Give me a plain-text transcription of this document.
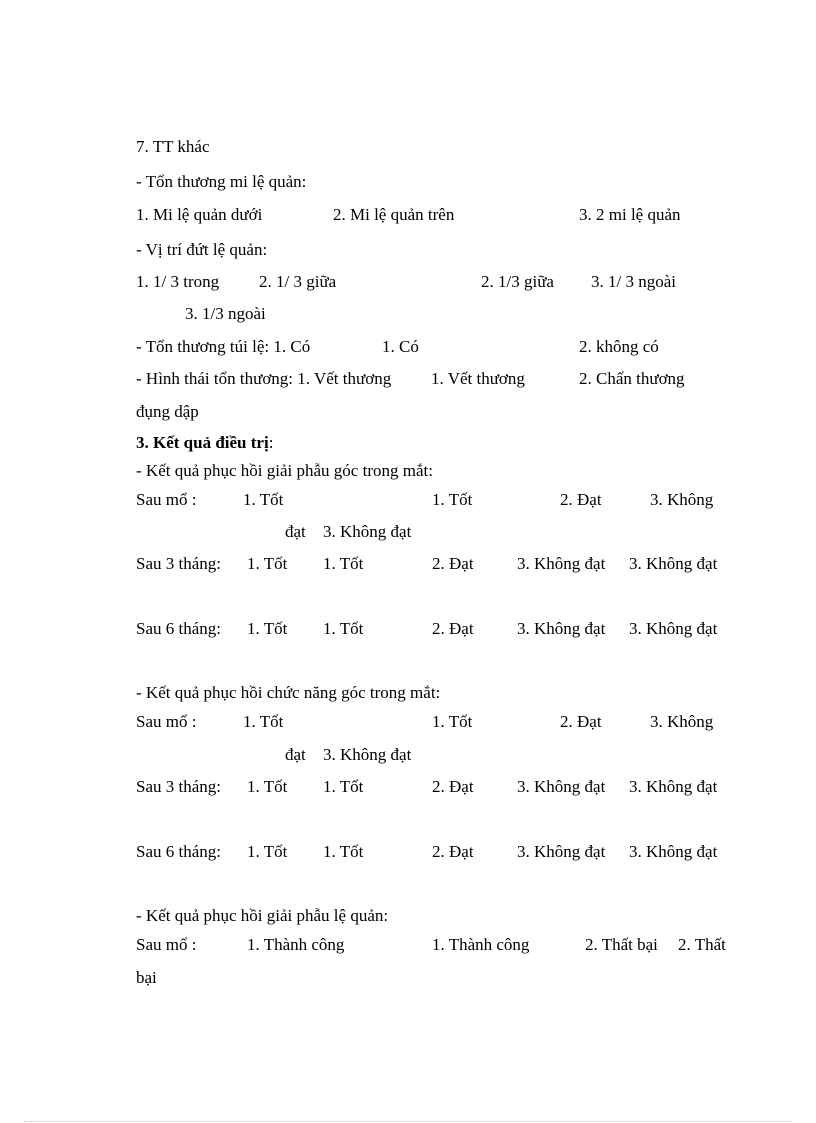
7. TT khác
- Tổn thương mi lệ quản:
1. Mi lệ quản dưới	2. Mi lệ quản trên	3. 2 mi lệ quản
- Vị trí đứt lệ quản:
1. 1/ 3 trong 2. 1/ 3 giữa	2. 1/3 giữa 3. 1/ 3 ngoài
3. 1/3 ngoài
- Tổn thương túi lệ: 1. Có	1. Có	2. không có
- Hình thái tổn thương: 1. Vết thương 1. Vết thương	2. Chấn thương
đụng dập
3. Kết quả điều trị:
- Kết quả phục hồi giải phẫu góc trong mắt:
Sau mổ :	1. Tốt	1. Tốt	2. Đạt	3. Không
đạt 3. Không đạt
Sau 3 tháng: 1. Tốt 1. Tốt	2. Đạt	3. Không đạt 3. Không đạt
Sau 6 tháng: 1. Tốt 1. Tốt	2. Đạt	3. Không đạt 3. Không đạt
- Kết quả phục hồi chức năng góc trong mắt:
Sau mổ :	1. Tốt	1. Tốt	2. Đạt	3. Không
đạt 3. Không đạt
Sau 3 tháng: 1. Tốt 1. Tốt	2. Đạt	3. Không đạt 3. Không đạt
Sau 6 tháng: 1. Tốt 1. Tốt	2. Đạt	3. Không đạt 3. Không đạt
- Kết quả phục hồi giải phẫu lệ quản:
Sau mổ :	1. Thành công	1. Thành công	2. Thất bại 2. Thất
bại
